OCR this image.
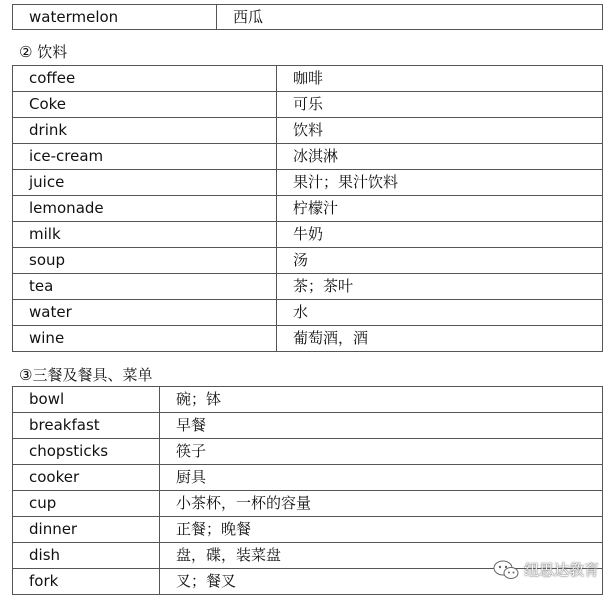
watermelon	西瓜
② 饮料
coffee	咖啡
Coke	可乐
drink	饮料
ice-cream	冰淇淋
juice	果汁；果汁饮料
lemonade	柠檬汁
milk	牛奶
soup	汤
tea	茶；茶叶
water	水
wine	葡萄酒，酒
③三餐及餐具、菜单
bowl	碗；钵
breakfast	早餐
chopsticks	筷子
cooker	厨具
cup	小茶杯，一杯的容量
dinner	正餐；晚餐
dish	盘，碟，装菜盘
fork	叉；餐叉
纽思达教育
